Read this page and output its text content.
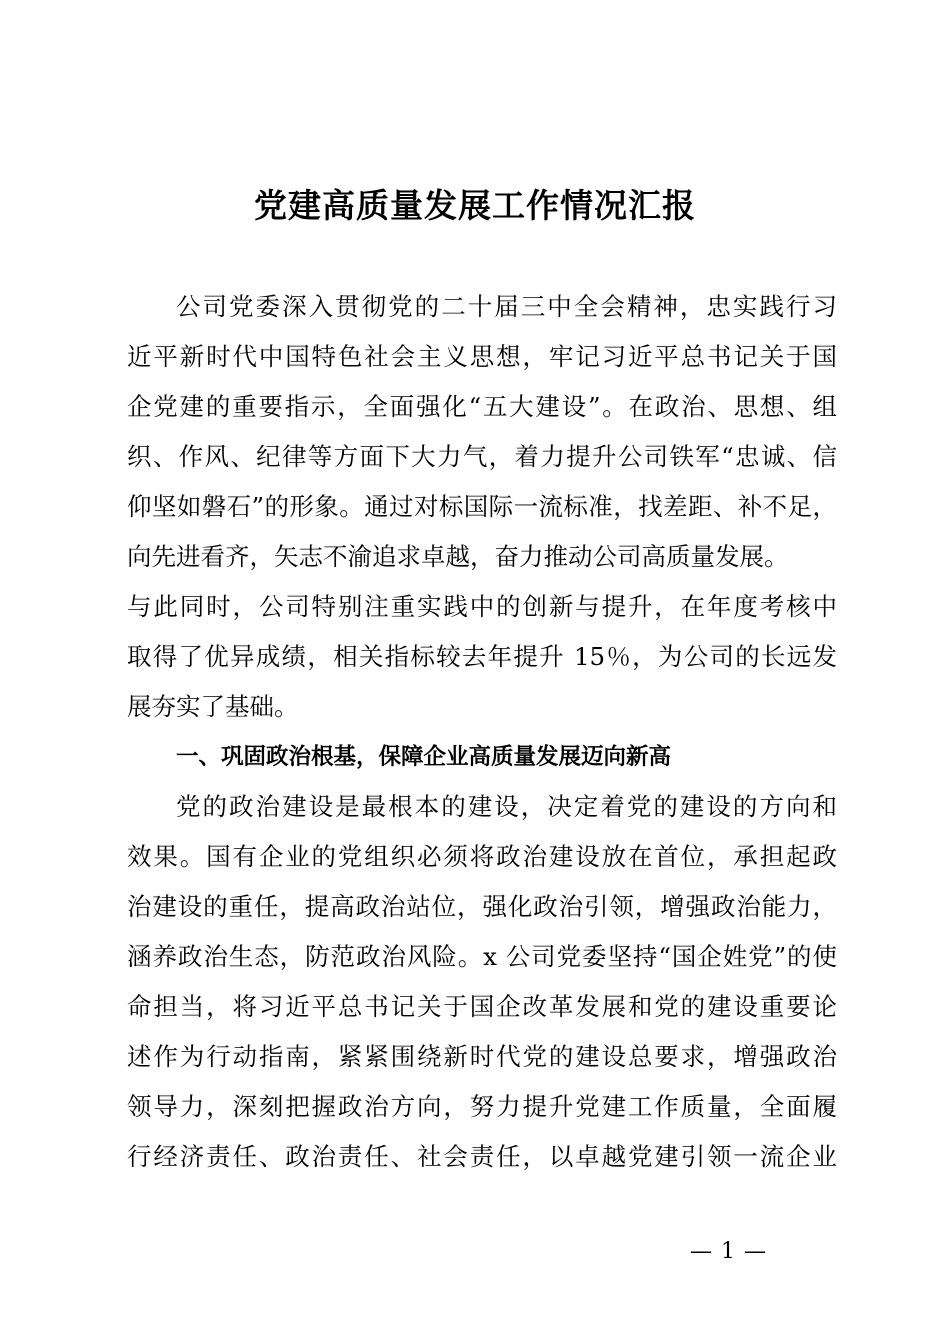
党建高质量发展工作情况汇报
公司党委深入贯彻党的二十届三中全会精神，忠实践行习
近平新时代中国特色社会主义思想，牢记习近平总书记关于国
企党建的重要指示，全面强化“五大建设”。在政治、思想、组
织、作风、纪律等方面下大力气，着力提升公司铁军“忠诚、信
仰坚如磐石”的形象。通过对标国际一流标准，找差距、补不足，
向先进看齐，矢志不渝追求卓越，奋力推动公司高质量发展。
与此同时，公司特别注重实践中的创新与提升，在年度考核中
取得了优异成绩，相关指标较去年提升 15％，为公司的长远发
展夯实了基础。
一、巩固政治根基，保障企业高质量发展迈向新高
党的政治建设是最根本的建设，决定着党的建设的方向和
效果。国有企业的党组织必须将政治建设放在首位，承担起政
治建设的重任，提高政治站位，强化政治引领，增强政治能力，
涵养政治生态，防范政治风险。x 公司党委坚持“国企姓党”的使
命担当，将习近平总书记关于国企改革发展和党的建设重要论
述作为行动指南，紧紧围绕新时代党的建设总要求，增强政治
领导力，深刻把握政治方向，努力提升党建工作质量，全面履
行经济责任、政治责任、社会责任，以卓越党建引领一流企业
— 1 —
